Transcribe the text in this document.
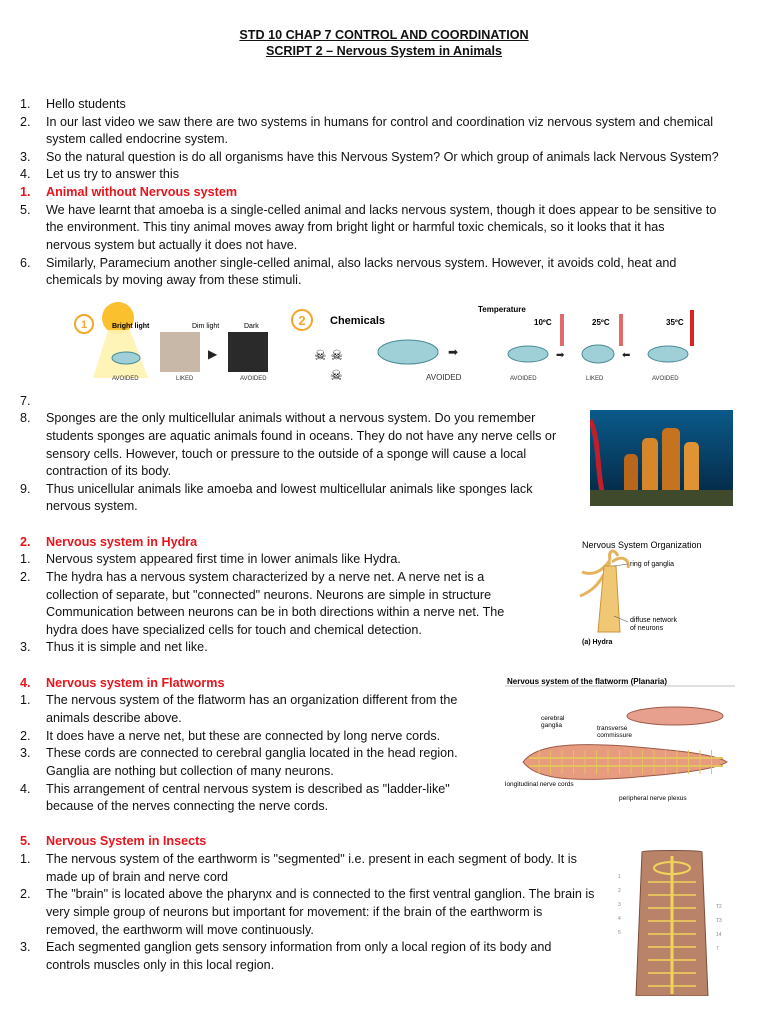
STD 10 CHAP 7 CONTROL AND COORDINATION
SCRIPT 2 – Nervous System in Animals
1.	Hello students
2.	In our last video we saw there are two systems in humans for control and coordination viz nervous system and chemical
system called endocrine system.
3.	So the natural question is do all organisms have this Nervous System? Or which group of animals lack Nervous System?
4.	Let us try to answer this
1.	Animal without Nervous system
5.	We have learnt that amoeba is a single-celled animal and lacks nervous system, though it does appear to be sensitive to
the environment. This tiny animal moves away from bright light or harmful toxic chemicals, so it looks that it has
nervous system but actually it does not have.
6.	Similarly, Paramecium another single-celled animal, also lacks nervous system. However, it avoids cold, heat and
chemicals by moving away from these stimuli.
7.
8.	Sponges are the only multicellular animals without a nervous system. Do you remember
students sponges are aquatic animals found in oceans. They do not have any nerve cells or
sensory cells. However, touch or pressure to the outside of a sponge will cause a local
contraction of its body.
9.	Thus unicellular animals like amoeba and lowest multicellular animals like sponges lack
nervous system.
2.	Nervous system in Hydra
1.	Nervous system appeared first time in lower animals like Hydra.
2.	The hydra has a nervous system characterized by a nerve net. A nerve net is a
collection of separate, but "connected" neurons. Neurons are simple in structure
Communication between neurons can be in both directions within a nerve net. The
hydra does have specialized cells for touch and chemical detection.
3.	Thus it is simple and net like.
4.	Nervous system in Flatworms
1.	The nervous system of the flatworm has an organization different from the
animals describe above.
2.	It does have a nerve net, but these are connected by long nerve cords.
3.	These cords are connected to cerebral ganglia located in the head region.
Ganglia are nothing but collection of many neurons.
4.	This arrangement of central nervous system is described as "ladder-like"
because of the nerves connecting the nerve cords.
5.	Nervous System in Insects
1.	The nervous system of the earthworm is "segmented" i.e. present in each segment of body. It is
made up of brain and nerve cord
2.	The "brain" is located above the pharynx and is connected to the first ventral ganglion. The brain is
very simple group of neurons but important for movement: if the brain of the earthworm is
removed, the earthworm will move continuously.
3.	Each segmented ganglion gets sensory information from only a local region of its body and
controls muscles only in this local region.
1	Bright light
AVOIDED
Dim light
LIKED
▶
Dark
AVOIDED
2 Chemicals
☠ ☠
☠
➡
AVOIDED
Temperature
10ºC	25ºC	35ºC
➡	⬅
AVOIDED	LIKED	AVOIDED
Nervous System Organization
ring of ganglia
diffuse network
of neurons
(a) Hydra
Nervous system of the flatworm (Planaria)
cerebral
ganglia	transverse
commissure
longitudinal nerve cords
peripheral nerve plexus
1
2
3
4
5
T2
T3
14
7
